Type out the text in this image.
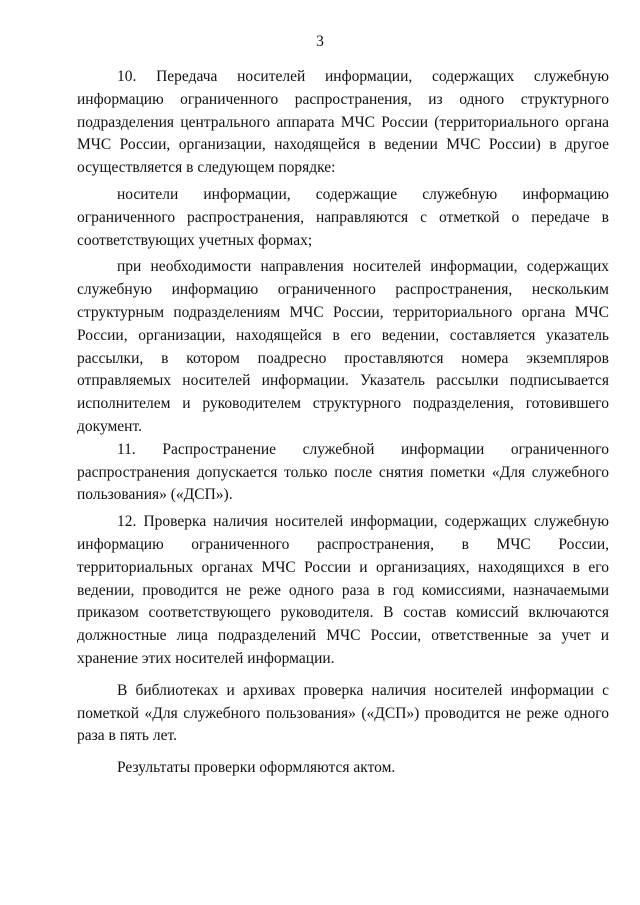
3

10. Передача носителей информации, содержащих служебную информацию ограниченного распространения, из одного структурного подразделения центрального аппарата МЧС России (территориального органа МЧС России, организации, находящейся в ведении МЧС России) в другое осуществляется в следующем порядке:

носители информации, содержащие служебную информацию ограниченного распространения, направляются с отметкой о передаче в соответствующих учетных формах;

при необходимости направления носителей информации, содержащих служебную информацию ограниченного распространения, нескольким структурным подразделениям МЧС России, территориального органа МЧС России, организации, находящейся в его ведении, составляется указатель рассылки, в котором поадресно проставляются номера экземпляров отправляемых носителей информации. Указатель рассылки подписывается исполнителем и руководителем структурного подразделения, готовившего документ.

11. Распространение служебной информации ограниченного распространения допускается только после снятия пометки «Для служебного пользования» («ДСП»).

12. Проверка наличия носителей информации, содержащих служебную информацию ограниченного распространения, в МЧС России, территориальных органах МЧС России и организациях, находящихся в его ведении, проводится не реже одного раза в год комиссиями, назначаемыми приказом соответствующего руководителя. В состав комиссий включаются должностные лица подразделений МЧС России, ответственные за учет и хранение этих носителей информации.

В библиотеках и архивах проверка наличия носителей информации с пометкой «Для служебного пользования» («ДСП») проводится не реже одного раза в пять лет.

Результаты проверки оформляются актом.
